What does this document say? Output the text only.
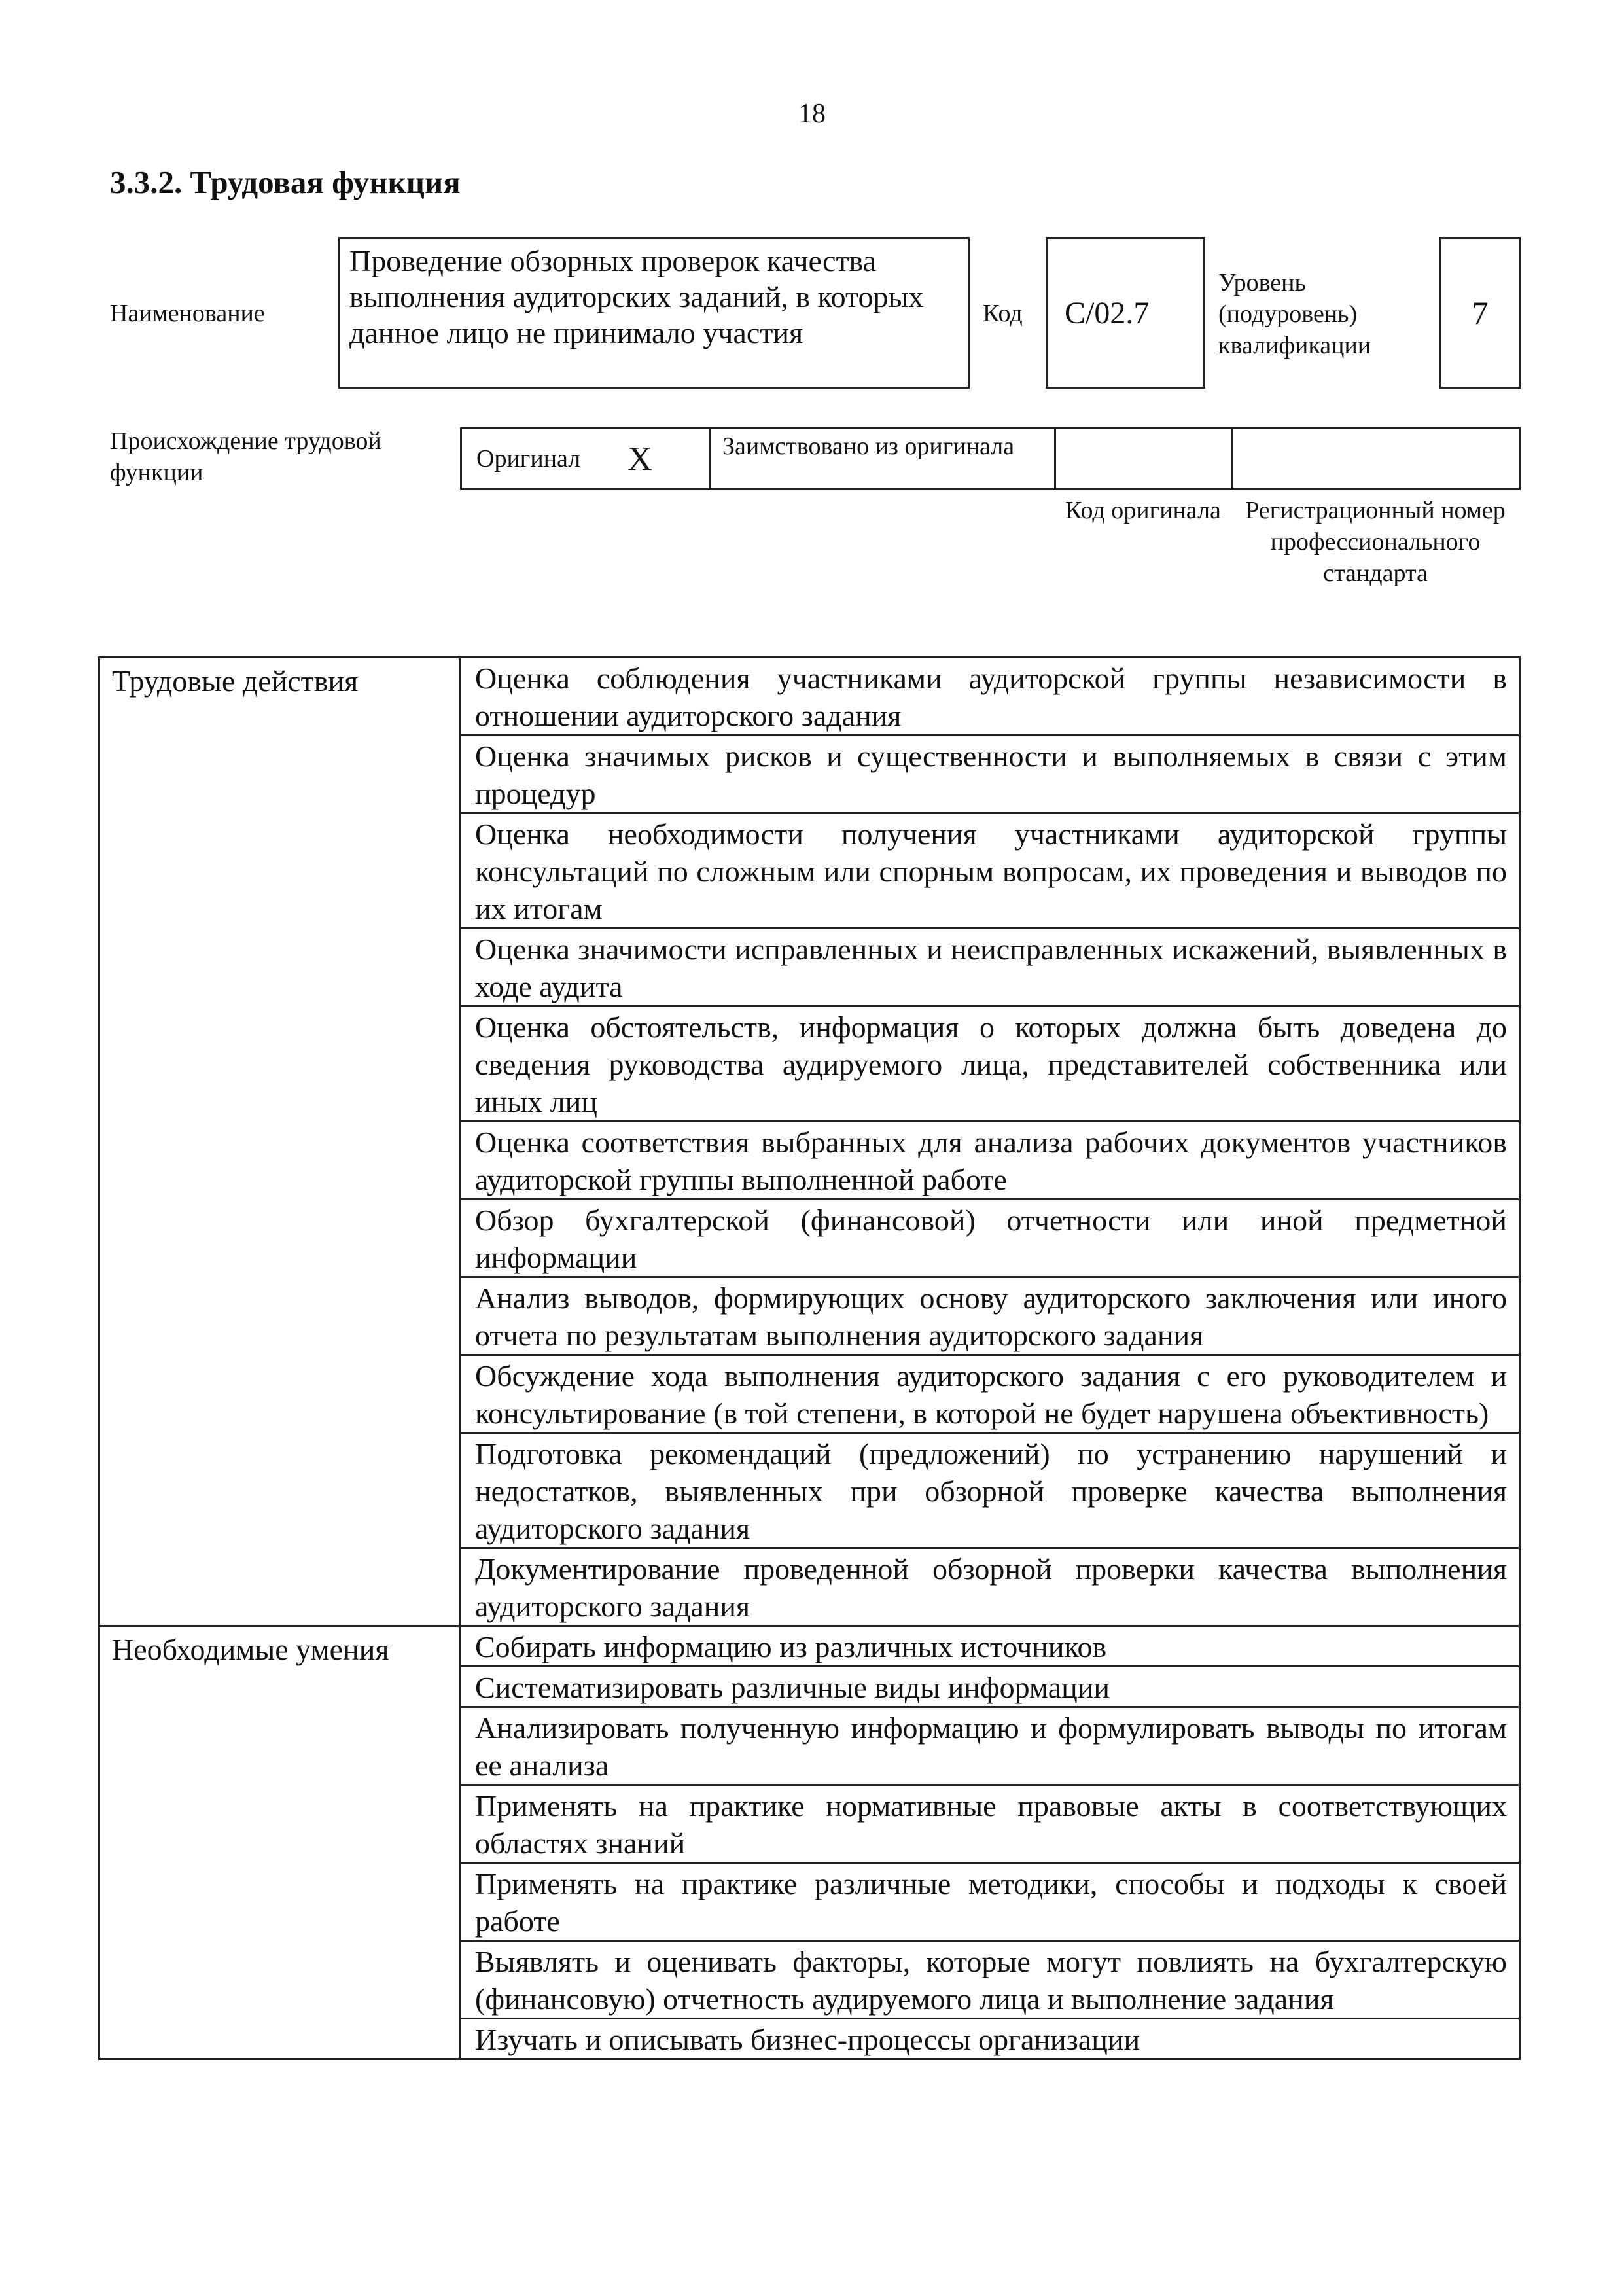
18
3.3.2. Трудовая функция
Наименование
Проведение обзорных проверок качества выполнения аудиторских заданий, в которых данное лицо не принимало участия
Код	С/02.7
Уровень (подуровень) квалификации
7
Происхождение трудовой функции	Оригинал X	Заимствовано из оригинала
Код оригинала Регистрационный номер профессионального стандарта
Трудовые действия	Оценка соблюдения участниками аудиторской группы независимости в отношении аудиторского задания
	Оценка значимых рисков и существенности и выполняемых в связи с этим процедур
	Оценка необходимости получения участниками аудиторской группы консультаций по сложным или спорным вопросам, их проведения и выводов по их итогам
	Оценка значимости исправленных и неисправленных искажений, выявленных в ходе аудита
	Оценка обстоятельств, информация о которых должна быть доведена до сведения руководства аудируемого лица, представителей собственника или иных лиц
	Оценка соответствия выбранных для анализа рабочих документов участников аудиторской группы выполненной работе
	Обзор бухгалтерской (финансовой) отчетности или иной предметной информации
	Анализ выводов, формирующих основу аудиторского заключения или иного отчета по результатам выполнения аудиторского задания
	Обсуждение хода выполнения аудиторского задания с его руководителем и консультирование (в той степени, в которой не будет нарушена объективность)
	Подготовка рекомендаций (предложений) по устранению нарушений и недостатков, выявленных при обзорной проверке качества выполнения аудиторского задания
	Документирование проведенной обзорной проверки качества выполнения аудиторского задания
Необходимые умения	Собирать информацию из различных источников
	Систематизировать различные виды информации
	Анализировать полученную информацию и формулировать выводы по итогам ее анализа
	Применять на практике нормативные правовые акты в соответствующих областях знаний
	Применять на практике различные методики, способы и подходы к своей работе
	Выявлять и оценивать факторы, которые могут повлиять на бухгалтерскую (финансовую) отчетность аудируемого лица и выполнение задания
	Изучать и описывать бизнес-процессы организации
